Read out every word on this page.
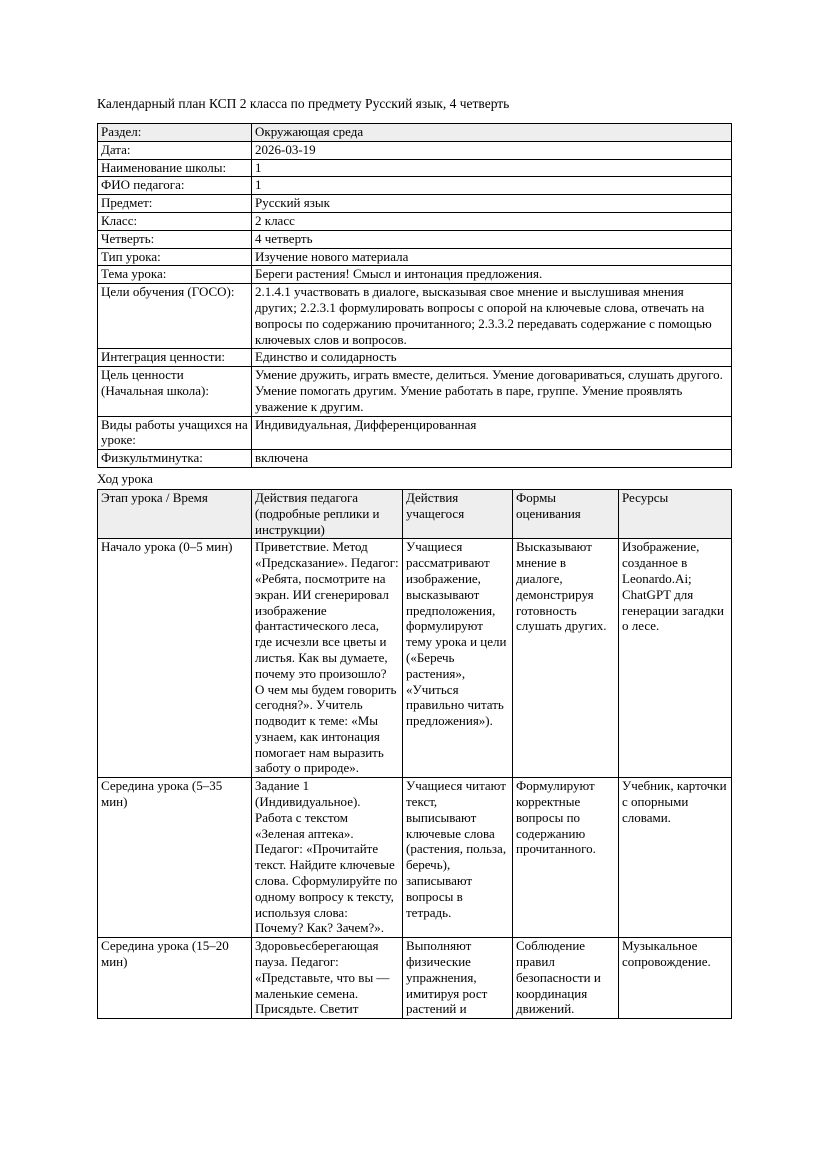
Календарный план КСП 2 класса по предмету Русский язык, 4 четверть

Раздел:	Окружающая среда
Дата:	2026-03-19
Наименование школы:	1
ФИО педагога:	1
Предмет:	Русский язык
Класс:	2 класс
Четверть:	4 четверть
Тип урока:	Изучение нового материала
Тема урока:	Береги растения! Смысл и интонация предложения.
Цели обучения (ГОСО):	2.1.4.1 участвовать в диалоге, высказывая свое мнение и выслушивая мнения других; 2.2.3.1 формулировать вопросы с опорой на ключевые слова, отвечать на вопросы по содержанию прочитанного; 2.3.3.2 передавать содержание с помощью ключевых слов и вопросов.
Интеграция ценности:	Единство и солидарность
Цель ценности (Начальная школа):	Умение дружить, играть вместе, делиться. Умение договариваться, слушать другого. Умение помогать другим. Умение работать в паре, группе. Умение проявлять уважение к другим.
Виды работы учащихся на уроке:	Индивидуальная, Дифференцированная
Физкультминутка:	включена

Ход урока

Этап урока / Время	Действия педагога (подробные реплики и инструкции)	Действия учащегося	Формы оценивания	Ресурсы
Начало урока (0–5 мин)	Приветствие. Метод «Предсказание». Педагог: «Ребята, посмотрите на экран. ИИ сгенерировал изображение фантастического леса, где исчезли все цветы и листья. Как вы думаете, почему это произошло? О чем мы будем говорить сегодня?». Учитель подводит к теме: «Мы узнаем, как интонация помогает нам выразить заботу о природе».	Учащиеся рассматривают изображение, высказывают предположения, формулируют тему урока и цели («Беречь растения», «Учиться правильно читать предложения»).	Высказывают мнение в диалоге, демонстрируя готовность слушать других.	Изображение, созданное в Leonardo.Ai; ChatGPT для генерации загадки о лесе.
Середина урока (5–35 мин)	Задание 1 (Индивидуальное). Работа с текстом «Зеленая аптека». Педагог: «Прочитайте текст. Найдите ключевые слова. Сформулируйте по одному вопросу к тексту, используя слова: Почему? Как? Зачем?».	Учащиеся читают текст, выписывают ключевые слова (растения, польза, беречь), записывают вопросы в тетрадь.	Формулируют корректные вопросы по содержанию прочитанного.	Учебник, карточки с опорными словами.

Середина урока (15–20 мин)	Здоровьесберегающая пауза. Педагог: «Представьте, что вы — маленькие семена. Присядьте. Светит	Выполняют физические упражнения, имитируя рост растений и	Соблюдение правил безопасности и координация движений.	Музыкальное сопровождение.
